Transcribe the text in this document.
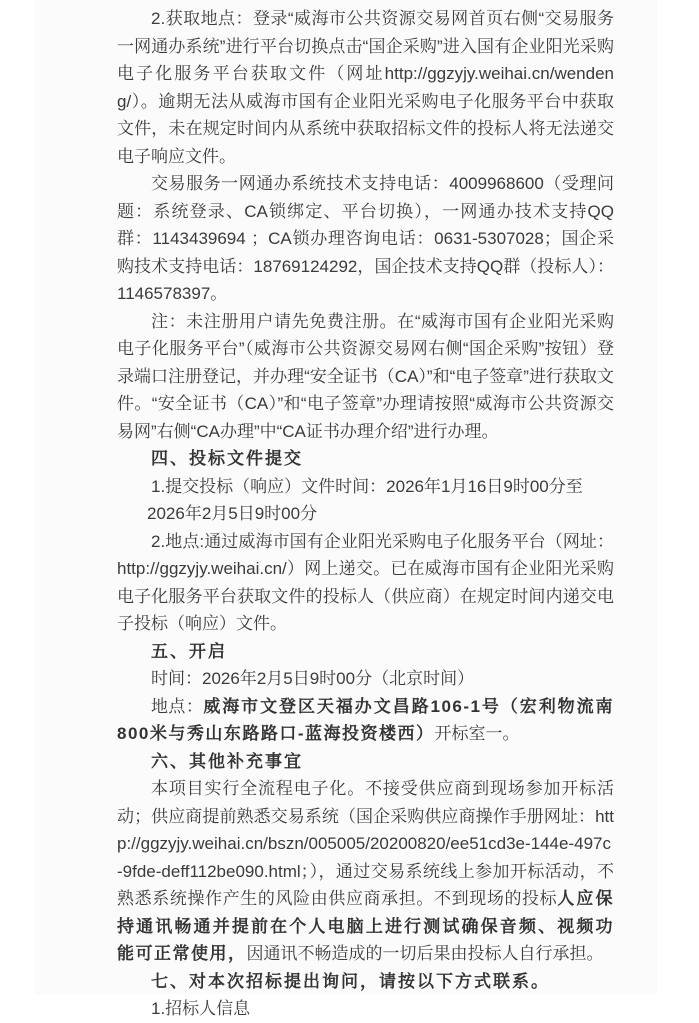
2.获取地点：登录“威海市公共资源交易网首页右侧“交易服务一网通办系统”进行平台切换点击“国企采购”进入国有企业阳光采购电子化服务平台获取文件（网址http://ggzyjy.weihai.cn/wendeng/）。逾期无法从威海市国有企业阳光采购电子化服务平台中获取文件，未在规定时间内从系统中获取招标文件的投标人将无法递交电子响应文件。

交易服务一网通办系统技术支持电话：4009968600（受理问题：系统登录、CA锁绑定、平台切换），一网通办技术支持QQ群：1143439694 ；CA锁办理咨询电话：0631-5307028；国企采购技术支持电话：18769124292，国企技术支持QQ群（投标人）：1146578397。

注：未注册用户请先免费注册。在“威海市国有企业阳光采购电子化服务平台”（威海市公共资源交易网右侧“国企采购”按钮）登录端口注册登记，并办理“安全证书（CA）”和“电子签章”进行获取文件。“安全证书（CA）”和“电子签章”办理请按照“威海市公共资源交易网”右侧“CA办理”中“CA证书办理介绍”进行办理。

四、投标文件提交

1.提交投标（响应）文件时间：2026年1月16日9时00分至

2026年2月5日9时00分

2.地点:通过威海市国有企业阳光采购电子化服务平台（网址：http://ggzyjy.weihai.cn/）网上递交。已在威海市国有企业阳光采购电子化服务平台获取文件的投标人（供应商）在规定时间内递交电子投标（响应）文件。

五、开启

时间：2026年2月5日9时00分（北京时间）

地点：威海市文登区天福办文昌路106-1号（宏利物流南800米与秀山东路路口-蓝海投资楼西）开标室一。

六、其他补充事宜

本项目实行全流程电子化。不接受供应商到现场参加开标活动；供应商提前熟悉交易系统（国企采购供应商操作手册网址：http://ggzyjy.weihai.cn/bszn/005005/20200820/ee51cd3e-144e-497c-9fde-deff112be090.html；），通过交易系统线上参加开标活动，不熟悉系统操作产生的风险由供应商承担。不到现场的投标人应保持通讯畅通并提前在个人电脑上进行测试确保音频、视频功能可正常使用，因通讯不畅造成的一切后果由投标人自行承担。

七、对本次招标提出询问，请按以下方式联系。

1.招标人信息
